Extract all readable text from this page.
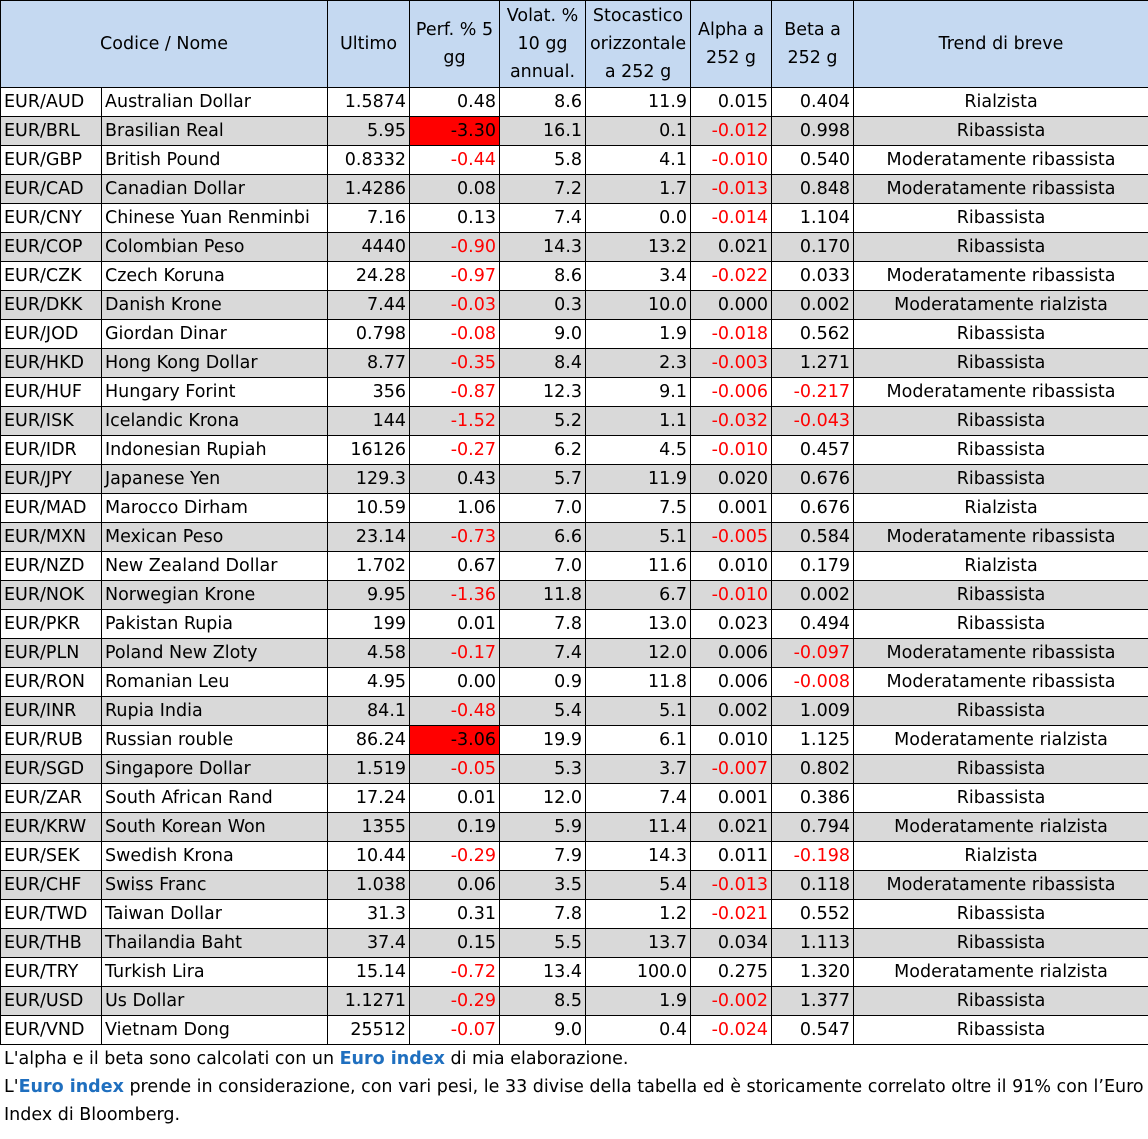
Codice / Nome		Ultimo	Perf. % 5 gg	Volat. % 10 gg annual.	Stocastico orizzontale a 252 g	Alpha a 252 g	Beta a 252 g	Trend di breve
EUR/AUD	Australian Dollar	1.5874	0.48	8.6	11.9	0.015	0.404	Rialzista
EUR/BRL	Brasilian Real	5.95	-3.30	16.1	0.1	-0.012	0.998	Ribassista
EUR/GBP	British Pound	0.8332	-0.44	5.8	4.1	-0.010	0.540	Moderatamente ribassista
EUR/CAD	Canadian Dollar	1.4286	0.08	7.2	1.7	-0.013	0.848	Moderatamente ribassista
EUR/CNY	Chinese Yuan Renminbi	7.16	0.13	7.4	0.0	-0.014	1.104	Ribassista
EUR/COP	Colombian Peso	4440	-0.90	14.3	13.2	0.021	0.170	Ribassista
EUR/CZK	Czech Koruna	24.28	-0.97	8.6	3.4	-0.022	0.033	Moderatamente ribassista
EUR/DKK	Danish Krone	7.44	-0.03	0.3	10.0	0.000	0.002	Moderatamente rialzista
EUR/JOD	Giordan Dinar	0.798	-0.08	9.0	1.9	-0.018	0.562	Ribassista
EUR/HKD	Hong Kong Dollar	8.77	-0.35	8.4	2.3	-0.003	1.271	Ribassista
EUR/HUF	Hungary Forint	356	-0.87	12.3	9.1	-0.006	-0.217	Moderatamente ribassista
EUR/ISK	Icelandic Krona	144	-1.52	5.2	1.1	-0.032	-0.043	Ribassista
EUR/IDR	Indonesian Rupiah	16126	-0.27	6.2	4.5	-0.010	0.457	Ribassista
EUR/JPY	Japanese Yen	129.3	0.43	5.7	11.9	0.020	0.676	Ribassista
EUR/MAD	Marocco Dirham	10.59	1.06	7.0	7.5	0.001	0.676	Rialzista
EUR/MXN	Mexican Peso	23.14	-0.73	6.6	5.1	-0.005	0.584	Moderatamente ribassista
EUR/NZD	New Zealand Dollar	1.702	0.67	7.0	11.6	0.010	0.179	Rialzista
EUR/NOK	Norwegian Krone	9.95	-1.36	11.8	6.7	-0.010	0.002	Ribassista
EUR/PKR	Pakistan Rupia	199	0.01	7.8	13.0	0.023	0.494	Ribassista
EUR/PLN	Poland New Zloty	4.58	-0.17	7.4	12.0	0.006	-0.097	Moderatamente ribassista
EUR/RON	Romanian Leu	4.95	0.00	0.9	11.8	0.006	-0.008	Moderatamente ribassista
EUR/INR	Rupia India	84.1	-0.48	5.4	5.1	0.002	1.009	Ribassista
EUR/RUB	Russian rouble	86.24	-3.06	19.9	6.1	0.010	1.125	Moderatamente rialzista
EUR/SGD	Singapore Dollar	1.519	-0.05	5.3	3.7	-0.007	0.802	Ribassista
EUR/ZAR	South African Rand	17.24	0.01	12.0	7.4	0.001	0.386	Ribassista
EUR/KRW	South Korean Won	1355	0.19	5.9	11.4	0.021	0.794	Moderatamente rialzista
EUR/SEK	Swedish Krona	10.44	-0.29	7.9	14.3	0.011	-0.198	Rialzista
EUR/CHF	Swiss Franc	1.038	0.06	3.5	5.4	-0.013	0.118	Moderatamente ribassista
EUR/TWD	Taiwan Dollar	31.3	0.31	7.8	1.2	-0.021	0.552	Ribassista
EUR/THB	Thailandia Baht	37.4	0.15	5.5	13.7	0.034	1.113	Ribassista
EUR/TRY	Turkish Lira	15.14	-0.72	13.4	100.0	0.275	1.320	Moderatamente rialzista
EUR/USD	Us Dollar	1.1271	-0.29	8.5	1.9	-0.002	1.377	Ribassista
EUR/VND	Vietnam Dong	25512	-0.07	9.0	0.4	-0.024	0.547	Ribassista
L'alpha e il beta sono calcolati con un Euro index di mia elaborazione.
L'Euro index prende in considerazione, con vari pesi, le 33 divise della tabella ed è storicamente correlato oltre il 91% con l’Euro Index di Bloomberg.
